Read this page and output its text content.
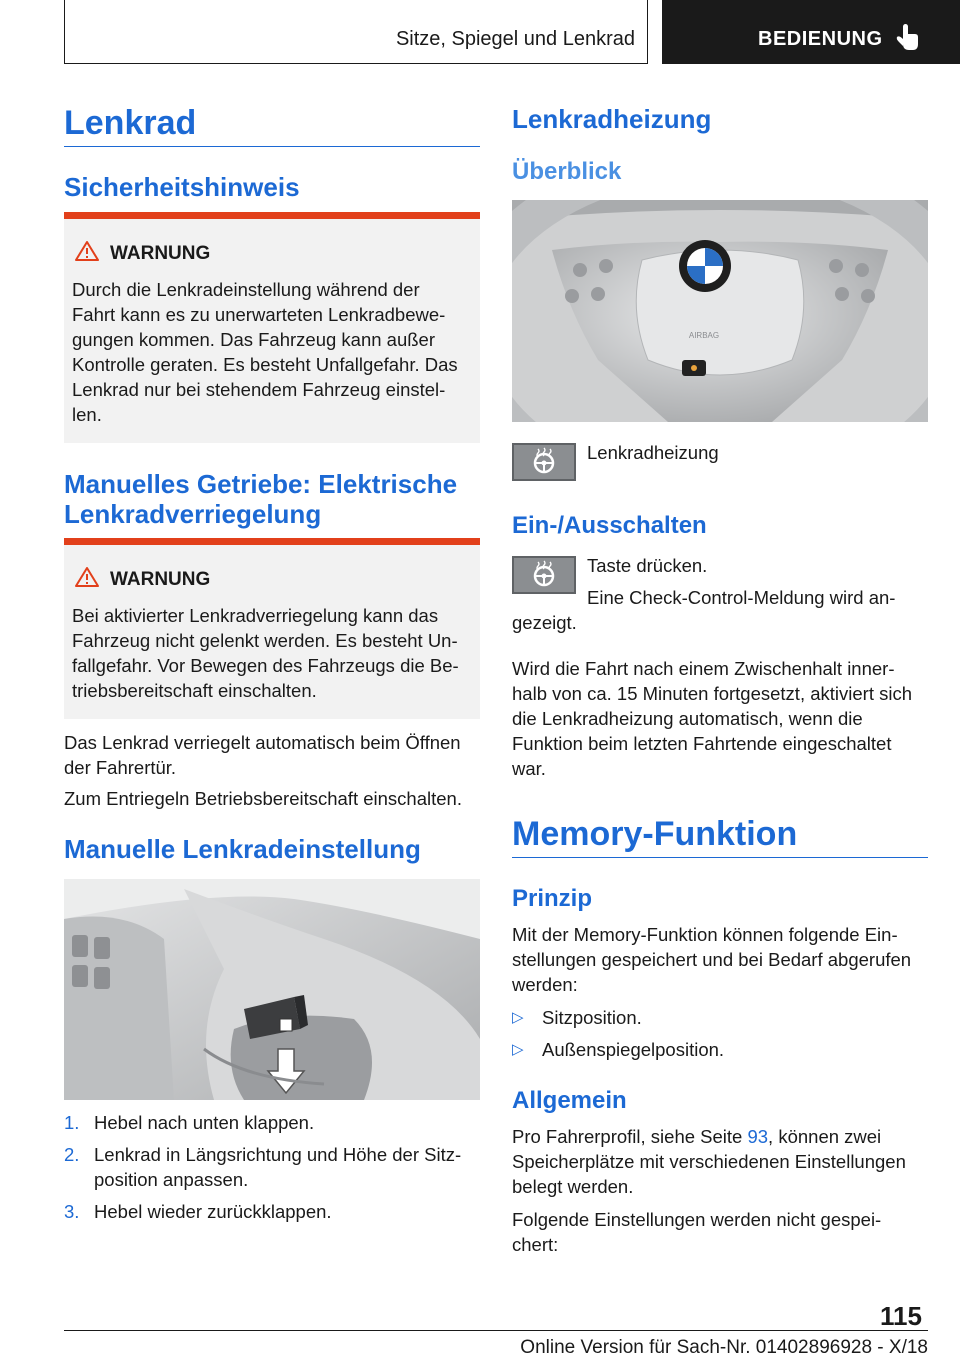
Sitze, Spiegel und Lenkrad	BEDIENUNG
Lenkrad
Sicherheitshinweis
WARNUNG
Durch die Lenkradeinstellung während der
Fahrt kann es zu unerwarteten Lenkradbewe‐
gungen kommen. Das Fahrzeug kann außer
Kontrolle geraten. Es besteht Unfallgefahr. Das
Lenkrad nur bei stehendem Fahrzeug einstel‐
len.
Manuelles Getriebe: Elektrische
Lenkradverriegelung
WARNUNG
Bei aktivierter Lenkradverriegelung kann das
Fahrzeug nicht gelenkt werden. Es besteht Un‐
fallgefahr. Vor Bewegen des Fahrzeugs die Be‐
triebsbereitschaft einschalten.
Das Lenkrad verriegelt automatisch beim Öffnen
der Fahrertür.

Zum Entriegeln Betriebsbereitschaft einschalten.

Manuelle Lenkradeinstellung
1. Hebel nach unten klappen.
2. Lenkrad in Längsrichtung und Höhe der Sitz‐
position anpassen.
3. Hebel wieder zurückklappen.
Lenkradheizung
Überblick
AIRBAG
Lenkradheizung
Ein-/Ausschalten
Taste drücken.
Eine Check-Control-Meldung wird an‐
gezeigt.
Wird die Fahrt nach einem Zwischenhalt inner‐
halb von ca. 15 Minuten fortgesetzt, aktiviert sich
die Lenkradheizung automatisch, wenn die
Funktion beim letzten Fahrtende eingeschaltet
war.
Memory-Funktion
Prinzip
Mit der Memory-Funktion können folgende Ein‐
stellungen gespeichert und bei Bedarf abgerufen
werden:
▷ Sitzposition.
▷ Außenspiegelposition.
Allgemein
Pro Fahrerprofil, siehe Seite 93, können zwei
Speicherplätze mit verschiedenen Einstellungen
belegt werden.
Folgende Einstellungen werden nicht gespei‐
chert:
115
Online Version für Sach-Nr. 01402896928 - X/18
